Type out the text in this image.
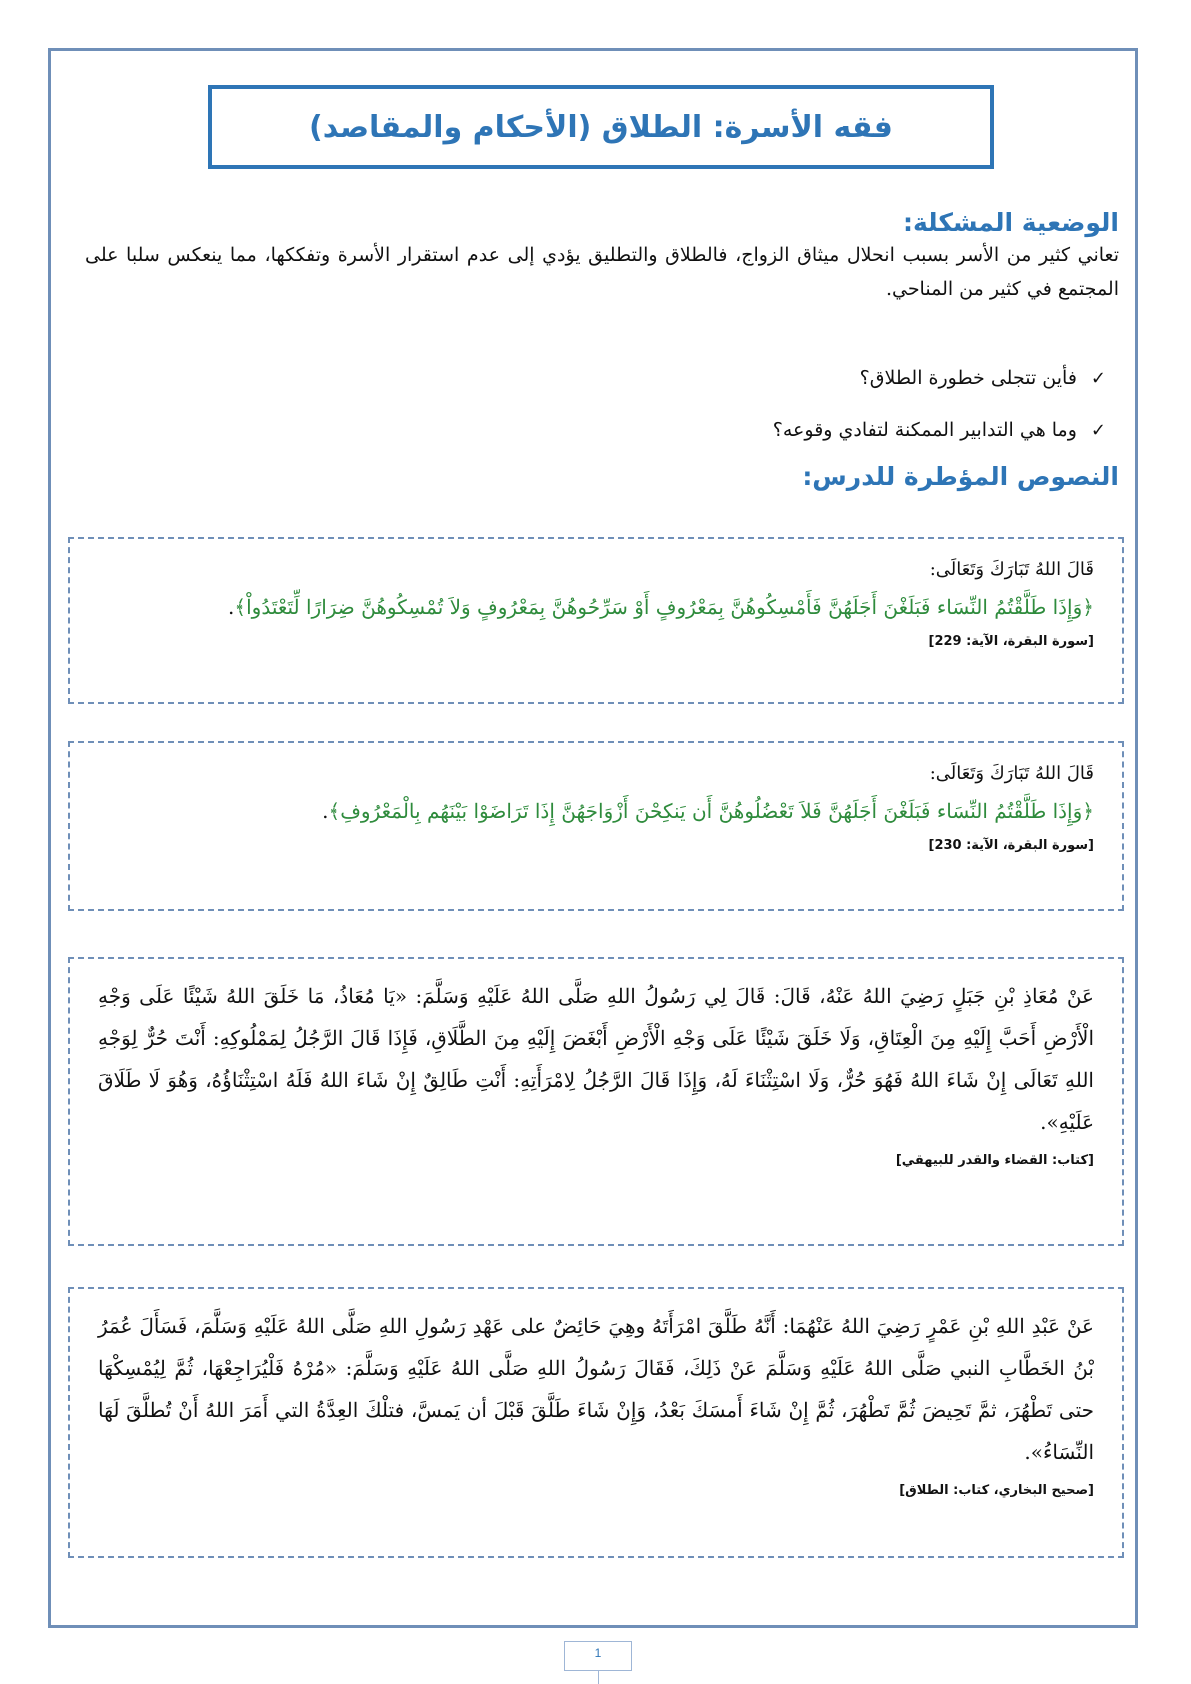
فقه الأسرة: الطلاق (الأحكام والمقاصد)
الوضعية المشكلة:

تعاني كثير من الأسر بسبب انحلال ميثاق الزواج، فالطلاق والتطليق يؤدي إلى عدم استقرار الأسرة وتفككها، مما ينعكس سلبا على المجتمع في كثير من المناحي.

✓
فأين تتجلى خطورة الطلاق؟
✓
وما هي التدابير الممكنة لتفادي وقوعه؟
النصوص المؤطرة للدرس:
قَالَ اللهُ تَبَارَكَ وَتَعَالَى:
﴿وَإِذَا طَلَّقْتُمُ النِّسَاء فَبَلَغْنَ أَجَلَهُنَّ فَأَمْسِكُوهُنَّ بِمَعْرُوفٍ أَوْ سَرِّحُوهُنَّ بِمَعْرُوفٍ وَلاَ تُمْسِكُوهُنَّ ضِرَارًا لِّتَعْتَدُواْ﴾.
[سورة البقرة، الآية: 229]
قَالَ اللهُ تَبَارَكَ وَتَعَالَى:
﴿وَإِذَا طَلَّقْتُمُ النِّسَاء فَبَلَغْنَ أَجَلَهُنَّ فَلاَ تَعْضُلُوهُنَّ أَن يَنكِحْنَ أَزْوَاجَهُنَّ إِذَا تَرَاضَوْا بَيْنَهُم بِالْمَعْرُوفِ﴾.
[سورة البقرة، الآية: 230]

عَنْ مُعَاذِ بْنِ جَبَلٍ رَضِيَ اللهُ عَنْهُ، قَالَ: قَالَ لِي رَسُولُ اللهِ صَلَّى اللهُ عَلَيْهِ وَسَلَّمَ: «يَا مُعَاذُ، مَا خَلَقَ اللهُ شَيْئًا عَلَى وَجْهِ الْأَرْضِ أَحَبَّ إِلَيْهِ مِنَ الْعِتَاقِ، وَلَا خَلَقَ شَيْئًا عَلَى وَجْهِ الْأَرْضِ أَبْغَضَ إِلَيْهِ مِنَ الطَّلَاقِ، فَإِذَا قَالَ الرَّجُلُ لِمَمْلُوكِهِ: أَنْتَ حُرٌّ لِوَجْهِ اللهِ تَعَالَى إِنْ شَاءَ اللهُ فَهُوَ حُرٌّ، وَلَا اسْتِثْنَاءَ لَهُ، وَإِذَا قَالَ الرَّجُلُ لِامْرَأَتِهِ: أَنْتِ طَالِقٌ إِنْ شَاءَ اللهُ فَلَهُ اسْتِثْنَاؤُهُ، وَهُوَ لَا طَلَاقَ عَلَيْهِ».

[كتاب: القضاء والقدر للبيهقي]

عَنْ عَبْدِ اللهِ بْنِ عَمْرٍ رَضِيَ اللهُ عَنْهُمَا: أَنَّهُ طَلَّقَ امْرَأَتَهُ وهِيَ حَائِضٌ على عَهْدِ رَسُولِ اللهِ صَلَّى اللهُ عَلَيْهِ وَسَلَّمَ، فَسَأَلَ عُمَرُ بْنُ الخَطَّابِ النبي صَلَّى اللهُ عَلَيْهِ وَسَلَّمَ عَنْ ذَلِكَ، فَقَالَ رَسُولُ اللهِ صَلَّى اللهُ عَلَيْهِ وَسَلَّمَ: «مُرْهُ فَلْيُرَاجِعْهَا، ثُمَّ لِيُمْسِكْهَا حتى تَطْهُرَ، ثمَّ تَحِيضَ ثُمَّ تَطْهُرَ، ثُمَّ إِنْ شَاءَ أَمسَكَ بَعْدُ، وَإِنْ شَاءَ طَلَّقَ قَبْلَ أن يَمسَّ، فتلْكَ العِدَّةُ التي أَمَرَ اللهُ أَنْ تُطلَّقَ لَهَا النِّسَاءُ».

[صحيح البخاري، كتاب: الطلاق]
1
